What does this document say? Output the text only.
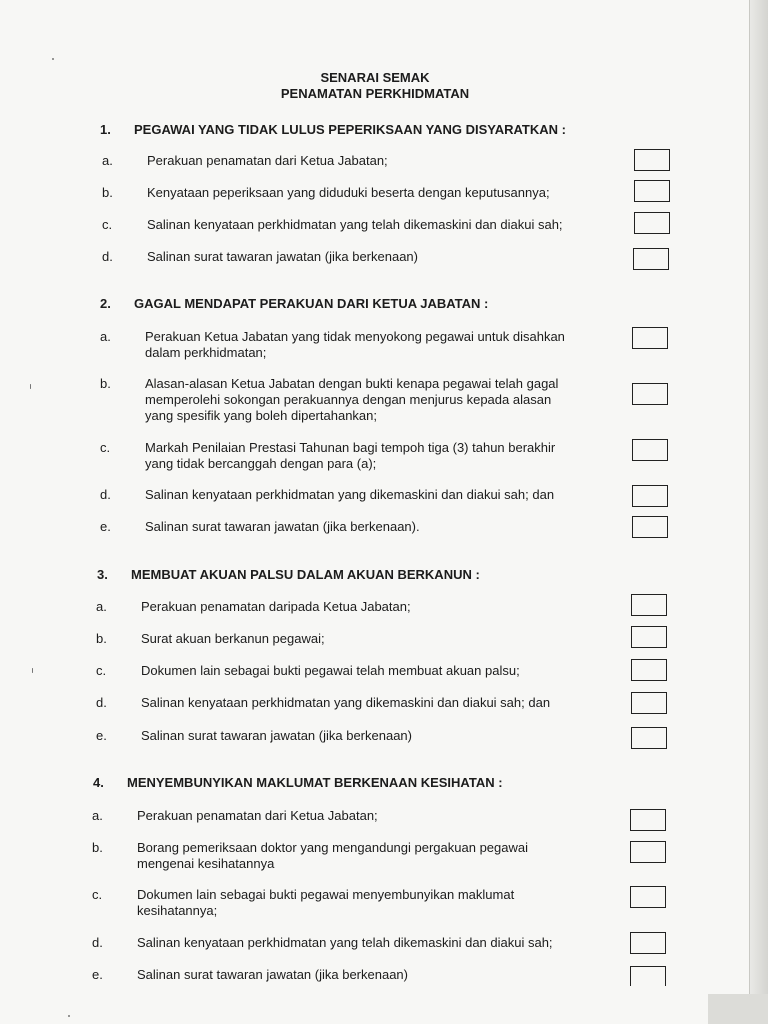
SENARAI SEMAK
PENAMATAN PERKHIDMATAN
1. PEGAWAI YANG TIDAK LULUS PEPERIKSAAN YANG DISYARATKAN :
a.	Perakuan penamatan dari Ketua Jabatan;
b.	Kenyataan peperiksaan yang diduduki beserta dengan keputusannya;
c.	Salinan kenyataan perkhidmatan yang telah dikemaskini dan diakui sah;
d.	Salinan surat tawaran jawatan (jika berkenaan)
2. GAGAL MENDAPAT PERAKUAN DARI KETUA JABATAN :
a.	Perakuan Ketua Jabatan yang tidak menyokong pegawai untuk disahkan
dalam perkhidmatan;
b.	Alasan-alasan Ketua Jabatan dengan bukti kenapa pegawai telah gagal
memperolehi sokongan perakuannya dengan menjurus kepada alasan
yang spesifik yang boleh dipertahankan;
c.	Markah Penilaian Prestasi Tahunan bagi tempoh tiga (3) tahun berakhir
yang tidak bercanggah dengan para (a);
d.	Salinan kenyataan perkhidmatan yang dikemaskini dan diakui sah; dan
e.	Salinan surat tawaran jawatan (jika berkenaan).
3. MEMBUAT AKUAN PALSU DALAM AKUAN BERKANUN :
a.	Perakuan penamatan daripada Ketua Jabatan;
b.	Surat akuan berkanun pegawai;
c.	Dokumen lain sebagai bukti pegawai telah membuat akuan palsu;
d.	Salinan kenyataan perkhidmatan yang dikemaskini dan diakui sah; dan
e.	Salinan surat tawaran jawatan (jika berkenaan)
4. MENYEMBUNYIKAN MAKLUMAT BERKENAAN KESIHATAN :
a.	Perakuan penamatan dari Ketua Jabatan;
b.	Borang pemeriksaan doktor yang mengandungi pergakuan pegawai
mengenai kesihatannya
c.	Dokumen lain sebagai bukti pegawai menyembunyikan maklumat
kesihatannya;
d.	Salinan kenyataan perkhidmatan yang telah dikemaskini dan diakui sah;
e.	Salinan surat tawaran jawatan (jika berkenaan)
